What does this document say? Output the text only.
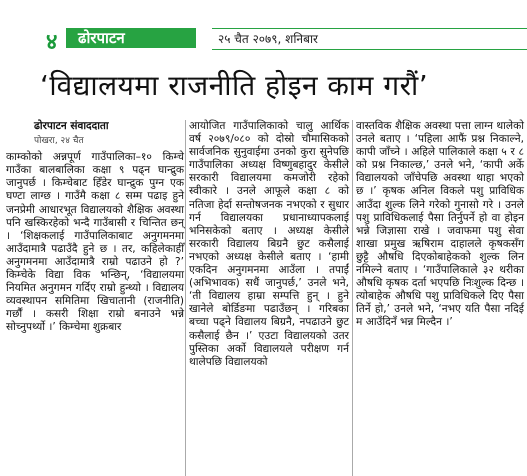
४ ढोरपाटन	२५ चैत २०७९, शनिबार
‘विद्यालयमा राजनीति होइन काम गरौं’
ढोरपाटन संवाददाता
पोखरा, २४ चैत

काम्कोको अन्नपूर्ण गाउँपालिका–१० किम्चे गाउँका बालबालिका कक्षा ९ पढ्न घान्द्रुक जानुपर्छ । किम्चेबाट हिँडेर घान्द्रुक पुग्न एक घण्टा लाग्छ । गाउँमै कक्षा ८ सम्म पढाइ हुने जनप्रेमी आधारभूत विद्यालयको शैक्षिक अवस्था पनि खस्किरहेको भन्दै गाउँबासी र चिन्तित छन् । ‘शिक्षकलाई गाउँपालिकाबाट अनुगमनमा आउँदामात्रै पढाउँदै हुने छ । तर, कहिलेकाहीँ अनुगमनमा आउँदामात्रै राम्रो पढाउने हो ?’ किम्चेके विद्या विक भन्छिन्, ‘विद्यालयमा नियमित अनुगमन गर्दिए राम्रो हुन्थ्यो । विद्यालय व्यवस्थापन समितिमा खिचातानी (राजनीति) गर्छौं । कसरी शिक्षा राम्रो बनाउने भन्ने सोच्नुपर्थ्यो ।’ किम्चेमा शुक्रबार

आयोजित गाउँपालिकाको चालु आर्थिक वर्ष २०७९/०८० को दोस्रो चौमासिकको सार्वजनिक सुनुवाईमा उनको कुरा सुनेपछि गाउँपालिका अध्यक्ष विष्णुबहादुर केसीले सरकारी विद्यालयमा कमजोरी रहेको स्वीकारे । उनले आफूले कक्षा ८ को नतिजा हेर्दा सन्तोषजनक नभएको र सुधार गर्न विद्यालयका प्रधानाध्यापकलाई भनिसकेको बताए । अध्यक्ष केसीले सरकारी विद्यालय बिग्रनै छुट कसैलाई नभएको अध्यक्ष केसीले बताए । ‘हामी एकदिन अनुगमनमा आउँला । तपाईं (अभिभावक) सधैं जानुपर्छ,’ उनले भने, ‘ती विद्यालय हाम्रा सम्पत्ति हुन् । हुने खानेले बोर्डिङमा पढाउँछन् । गरिबका बच्चा पढ्ने विद्यालय बिग्रनै, नपढाउने छुट कसैलाई छैन ।’ एउटा विद्यालयको उतर पुस्तिका अर्को विद्यालयले परीक्षण गर्न थालेपछि विद्यालयको

वास्तविक शैक्षिक अवस्था पत्ता लाग्न थालेको उनले बताए । ‘पहिला आफैं प्रश्न निकाल्ने, कापी जाँच्ने । अहिले पालिकाले कक्षा ५ र ८ को प्रश्न निकाल्छ,’ उनले भने, ‘कापी अर्के विद्यालयको जाँचेपछि अवस्था थाहा भएको छ ।’ कृषक अनिल विकले पशु प्राविधिक आउँदा शुल्क लिने गरेको गुनासो गरे । उनले पशु प्राविधिकलाई पैसा तिर्नुपर्ने हो वा होइन भन्ने जिज्ञासा राखे । जवाफमा पशु सेवा शाखा प्रमुख ऋषिराम दाहालले कृषकसँग छुट्टै औषधि दिएकोबाहेकको शुल्क लिन नमिल्ने बताए । ‘गाउँपालिकाले ३२ थरीका औषधि कृषक दर्ता भएपछि निःशुल्क दिन्छ । त्योबाहेक औषधि पशु प्राविधिकले दिए पैसा तिर्ने हो,’ उनले भने, ‘नभए यति पैसा नदिई म आउँदिनँ भन्न मिल्दैन ।’
